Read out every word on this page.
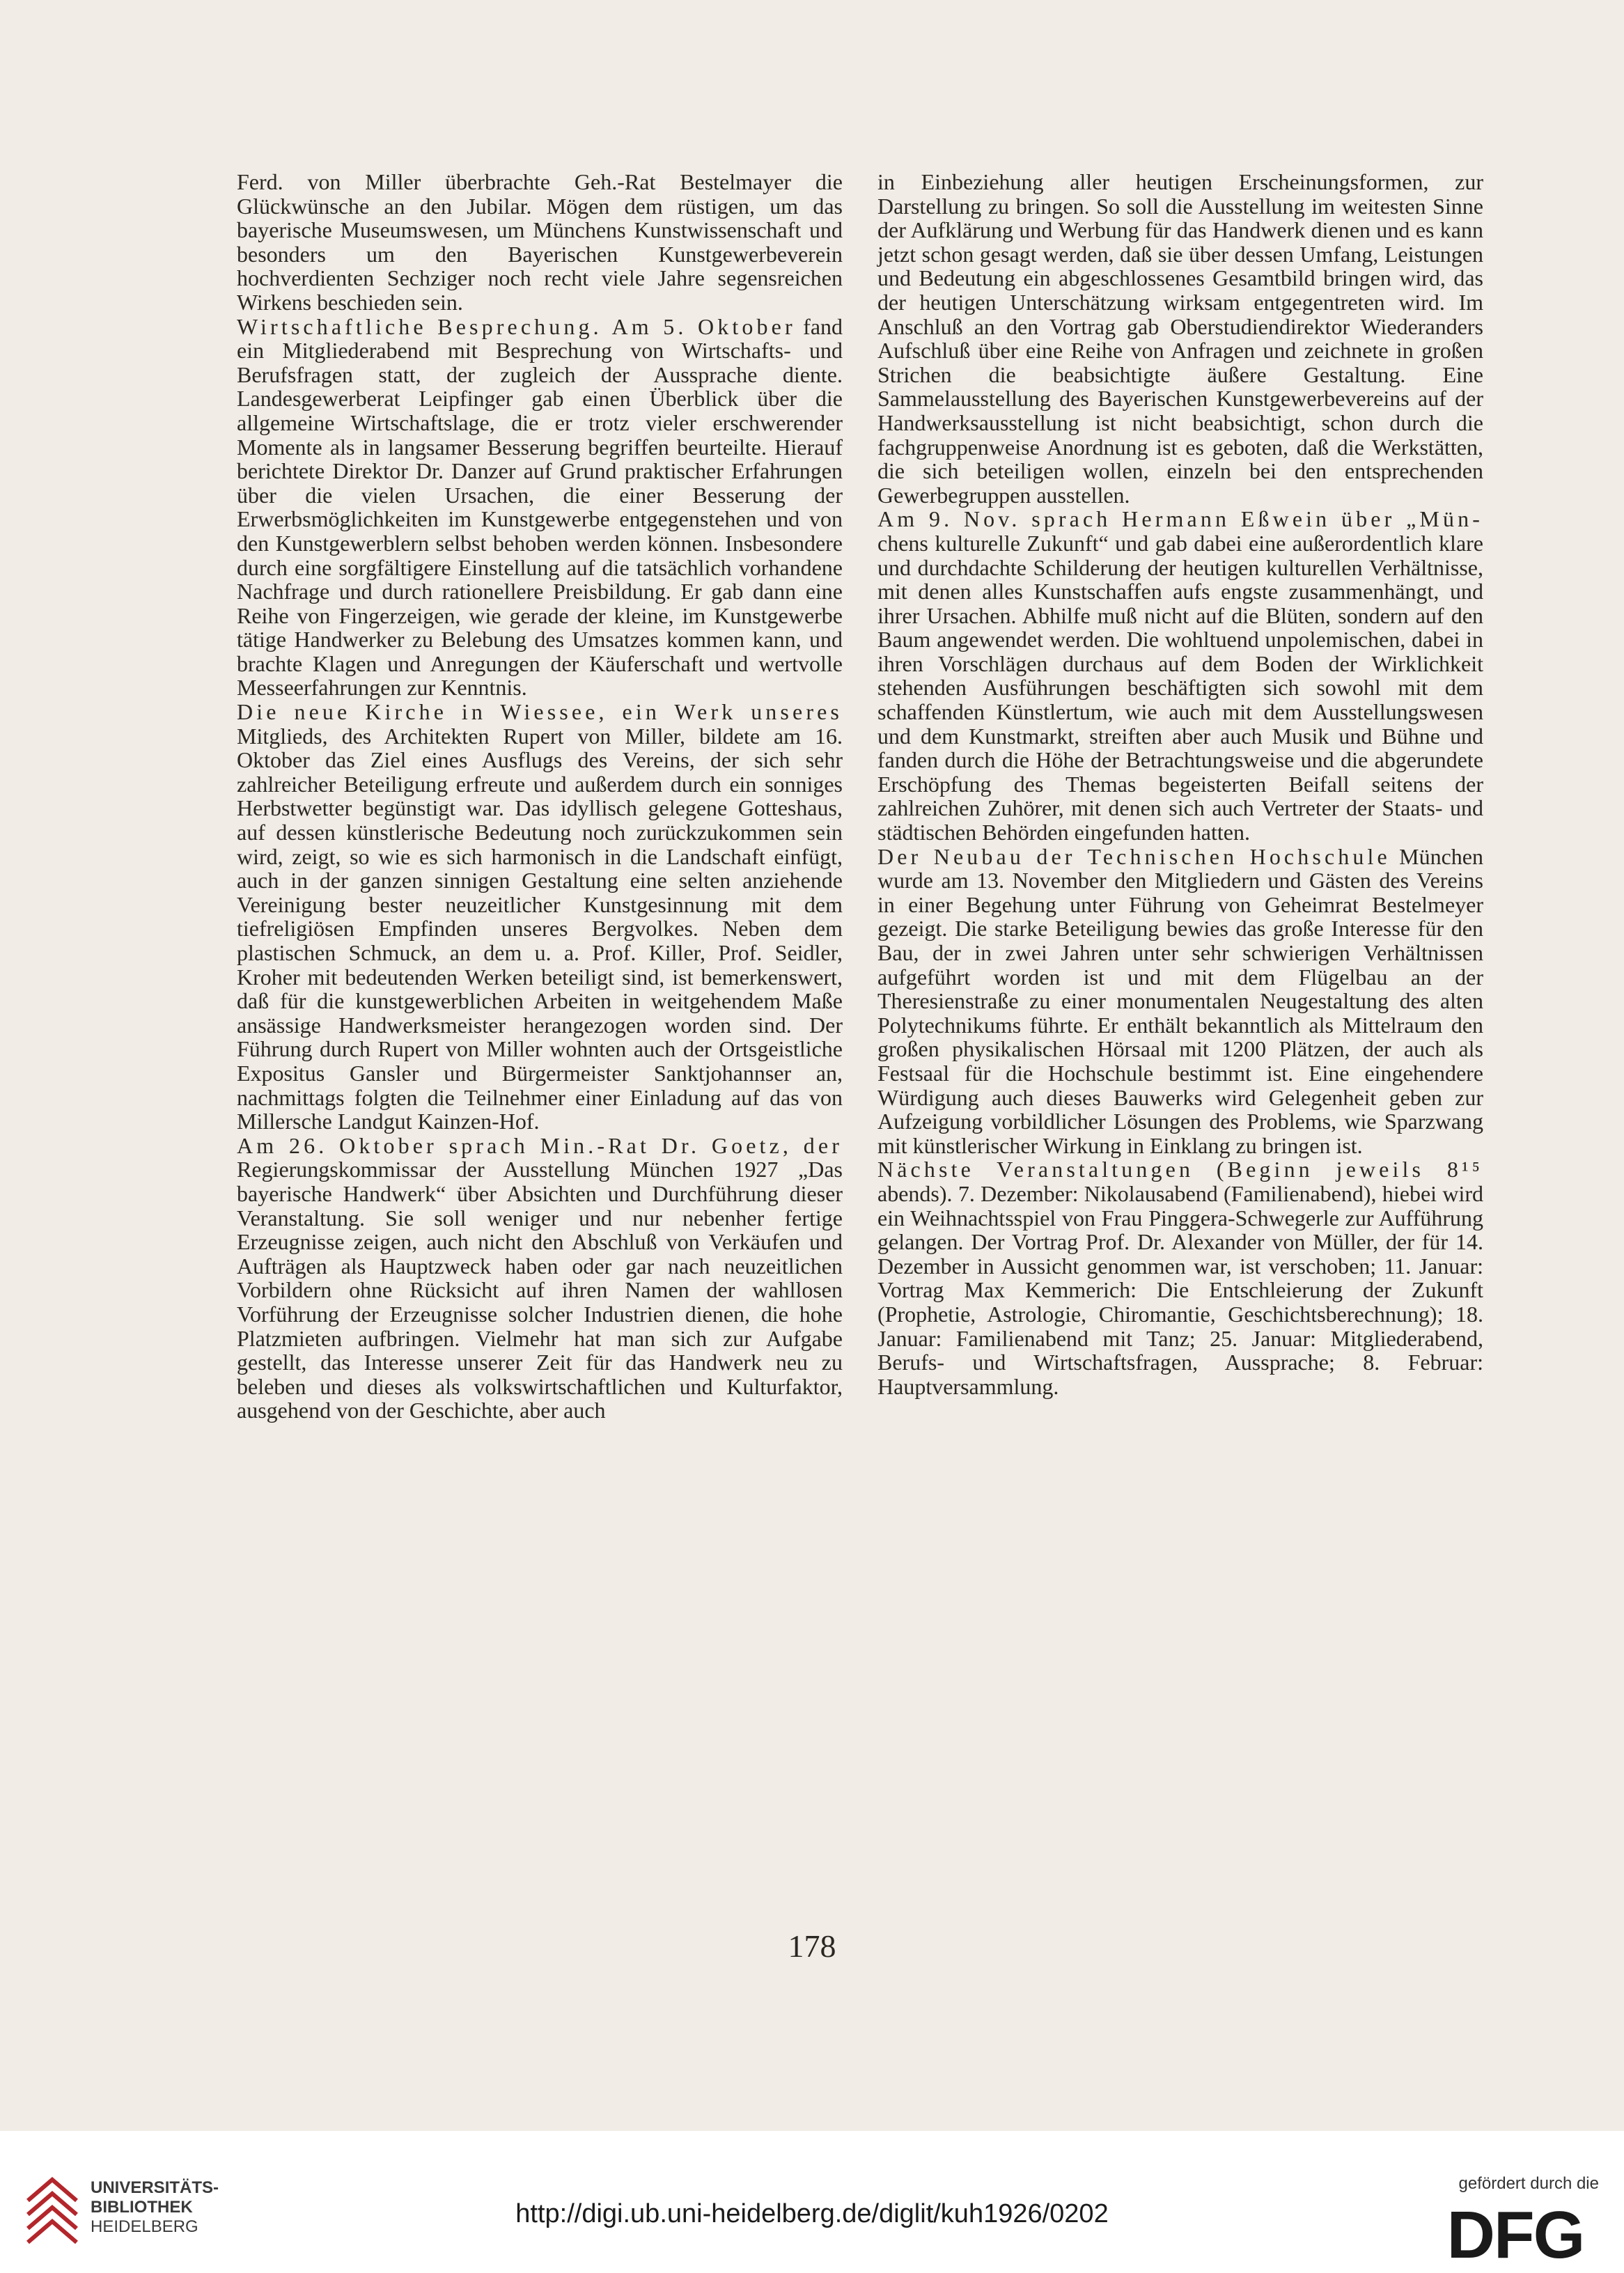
Ferd. von Miller überbrachte Geh.-Rat Bestelmayer die Glückwünsche an den Jubilar. Mögen dem rüstigen, um das bayerische Museumswesen, um Münchens Kunstwissenschaft und besonders um den Bayerischen Kunstgewerbeverein hochverdienten Sechziger noch recht viele Jahre segensreichen Wirkens beschieden sein.

Wirtschaftliche Besprechung. Am 5. Oktober fand ein Mitgliederabend mit Besprechung von Wirtschafts- und Berufsfragen statt, der zugleich der Aussprache diente. Landesgewerberat Leipfinger gab einen Überblick über die allgemeine Wirtschaftslage, die er trotz vieler erschwerender Momente als in langsamer Besserung begriffen beurteilte. Hierauf berichtete Direktor Dr. Danzer auf Grund praktischer Erfahrungen über die vielen Ursachen, die einer Besserung der Erwerbsmöglichkeiten im Kunstgewerbe entgegenstehen und von den Kunstgewerblern selbst behoben werden können. Insbesondere durch eine sorgfältigere Einstellung auf die tatsächlich vorhandene Nachfrage und durch rationellere Preisbildung. Er gab dann eine Reihe von Fingerzeigen, wie gerade der kleine, im Kunstgewerbe tätige Handwerker zu Belebung des Umsatzes kommen kann, und brachte Klagen und Anregungen der Käuferschaft und wertvolle Messeerfahrungen zur Kenntnis.

Die neue Kirche in Wiessee, ein Werk unseres Mitglieds, des Architekten Rupert von Miller, bildete am 16. Oktober das Ziel eines Ausflugs des Vereins, der sich sehr zahlreicher Beteiligung erfreute und außerdem durch ein sonniges Herbstwetter begünstigt war. Das idyllisch gelegene Gotteshaus, auf dessen künstlerische Bedeutung noch zurückzukommen sein wird, zeigt, so wie es sich harmonisch in die Landschaft einfügt, auch in der ganzen sinnigen Gestaltung eine selten anziehende Vereinigung bester neuzeitlicher Kunstgesinnung mit dem tiefreligiösen Empfinden unseres Bergvolkes. Neben dem plastischen Schmuck, an dem u. a. Prof. Killer, Prof. Seidler, Kroher mit bedeutenden Werken beteiligt sind, ist bemerkenswert, daß für die kunstgewerblichen Arbeiten in weitgehendem Maße ansässige Handwerksmeister herangezogen worden sind. Der Führung durch Rupert von Miller wohnten auch der Ortsgeistliche Expositus Gansler und Bürgermeister Sanktjohannser an, nachmittags folgten die Teilnehmer einer Einladung auf das von Millersche Landgut Kainzen-Hof.

Am 26. Oktober sprach Min.-Rat Dr. Goetz, der Regierungskommissar der Ausstellung München 1927 „Das bayerische Handwerk“ über Absichten und Durchführung dieser Veranstaltung. Sie soll weniger und nur nebenher fertige Erzeugnisse zeigen, auch nicht den Abschluß von Verkäufen und Aufträgen als Hauptzweck haben oder gar nach neuzeitlichen Vorbildern ohne Rücksicht auf ihren Namen der wahllosen Vorführung der Erzeugnisse solcher Industrien dienen, die hohe Platzmieten aufbringen. Vielmehr hat man sich zur Aufgabe gestellt, das Interesse unserer Zeit für das Handwerk neu zu beleben und dieses als volkswirtschaftlichen und Kulturfaktor, ausgehend von der Geschichte, aber auch

in Einbeziehung aller heutigen Erscheinungsformen, zur Darstellung zu bringen. So soll die Ausstellung im weitesten Sinne der Aufklärung und Werbung für das Handwerk dienen und es kann jetzt schon gesagt werden, daß sie über dessen Umfang, Leistungen und Bedeutung ein abgeschlossenes Gesamtbild bringen wird, das der heutigen Unterschätzung wirksam entgegentreten wird. Im Anschluß an den Vortrag gab Oberstudiendirektor Wiederanders Aufschluß über eine Reihe von Anfragen und zeichnete in großen Strichen die beabsichtigte äußere Gestaltung. Eine Sammelausstellung des Bayerischen Kunstgewerbevereins auf der Handwerksausstellung ist nicht beabsichtigt, schon durch die fachgruppenweise Anordnung ist es geboten, daß die Werkstätten, die sich beteiligen wollen, einzeln bei den entsprechenden Gewerbegruppen ausstellen.

Am 9. Nov. sprach Hermann Eßwein über „Mün- chens kulturelle Zukunft“ und gab dabei eine außerordentlich klare und durchdachte Schilderung der heutigen kulturellen Verhältnisse, mit denen alles Kunstschaffen aufs engste zusammenhängt, und ihrer Ursachen. Abhilfe muß nicht auf die Blüten, sondern auf den Baum angewendet werden. Die wohltuend unpolemischen, dabei in ihren Vorschlägen durchaus auf dem Boden der Wirklichkeit stehenden Ausführungen beschäftigten sich sowohl mit dem schaffenden Künstlertum, wie auch mit dem Ausstellungswesen und dem Kunstmarkt, streiften aber auch Musik und Bühne und fanden durch die Höhe der Betrachtungsweise und die abgerundete Erschöpfung des Themas begeisterten Beifall seitens der zahlreichen Zuhörer, mit denen sich auch Vertreter der Staats- und städtischen Behörden eingefunden hatten.

Der Neubau der Technischen Hochschule München wurde am 13. November den Mitgliedern und Gästen des Vereins in einer Begehung unter Führung von Geheimrat Bestelmeyer gezeigt. Die starke Beteiligung bewies das große Interesse für den Bau, der in zwei Jahren unter sehr schwierigen Verhältnissen aufgeführt worden ist und mit dem Flügelbau an der Theresienstraße zu einer monumentalen Neugestaltung des alten Polytechnikums führte. Er enthält bekanntlich als Mittelraum den großen physikalischen Hörsaal mit 1200 Plätzen, der auch als Festsaal für die Hochschule bestimmt ist. Eine eingehendere Würdigung auch dieses Bauwerks wird Gelegenheit geben zur Aufzeigung vorbildlicher Lösungen des Problems, wie Sparzwang mit künstlerischer Wirkung in Einklang zu bringen ist.

Nächste Veranstaltungen (Beginn jeweils 8¹⁵ abends). 7. Dezember: Nikolausabend (Familienabend), hiebei wird ein Weihnachtsspiel von Frau Pinggera-Schwegerle zur Aufführung gelangen. Der Vortrag Prof. Dr. Alexander von Müller, der für 14. Dezember in Aussicht genommen war, ist verschoben; 11. Januar: Vortrag Max Kemmerich: Die Entschleierung der Zukunft (Prophetie, Astrologie, Chiromantie, Geschichtsberechnung); 18. Januar: Familienabend mit Tanz; 25. Januar: Mitgliederabend, Berufs- und Wirtschaftsfragen, Aussprache; 8. Februar: Hauptversammlung.

178
UNIVERSITÄTS-
BIBLIOTHEK
HEIDELBERG	http://digi.ub.uni-heidelberg.de/diglit/kuh1926/0202
gefördert durch die
DFG
